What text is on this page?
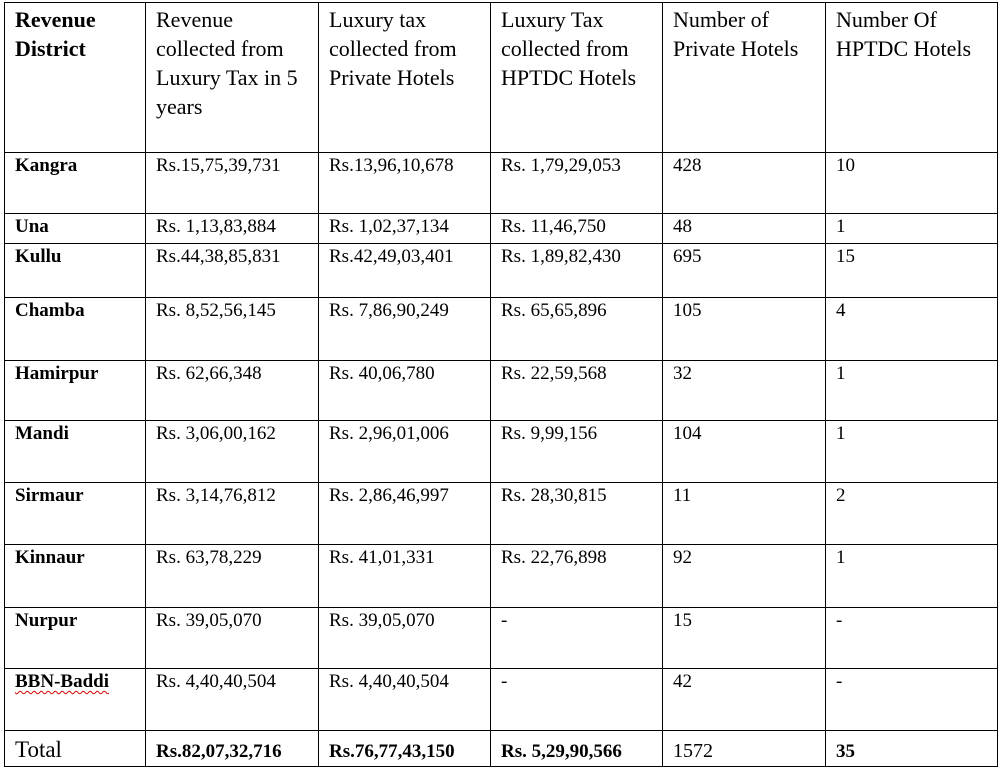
Revenue District	Revenue collected from Luxury Tax in 5 years	Luxury tax collected from Private Hotels	Luxury Tax collected from HPTDC Hotels	Number of Private Hotels	Number Of HPTDC Hotels
Kangra	Rs.15,75,39,731	Rs.13,96,10,678	Rs. 1,79,29,053	428	10
Una	Rs. 1,13,83,884	Rs. 1,02,37,134	Rs. 11,46,750	48	1
Kullu	Rs.44,38,85,831	Rs.42,49,03,401	Rs. 1,89,82,430	695	15
Chamba	Rs. 8,52,56,145	Rs. 7,86,90,249	Rs. 65,65,896	105	4
Hamirpur	Rs. 62,66,348	Rs. 40,06,780	Rs. 22,59,568	32	1
Mandi	Rs. 3,06,00,162	Rs. 2,96,01,006	Rs. 9,99,156	104	1
Sirmaur	Rs. 3,14,76,812	Rs. 2,86,46,997	Rs. 28,30,815	11	2
Kinnaur	Rs. 63,78,229	Rs. 41,01,331	Rs. 22,76,898	92	1
Nurpur	Rs. 39,05,070	Rs. 39,05,070	-	15	-
BBN-Baddi	Rs. 4,40,40,504	Rs. 4,40,40,504	-	42	-
Total	Rs.82,07,32,716	Rs.76,77,43,150	Rs. 5,29,90,566	1572	35
